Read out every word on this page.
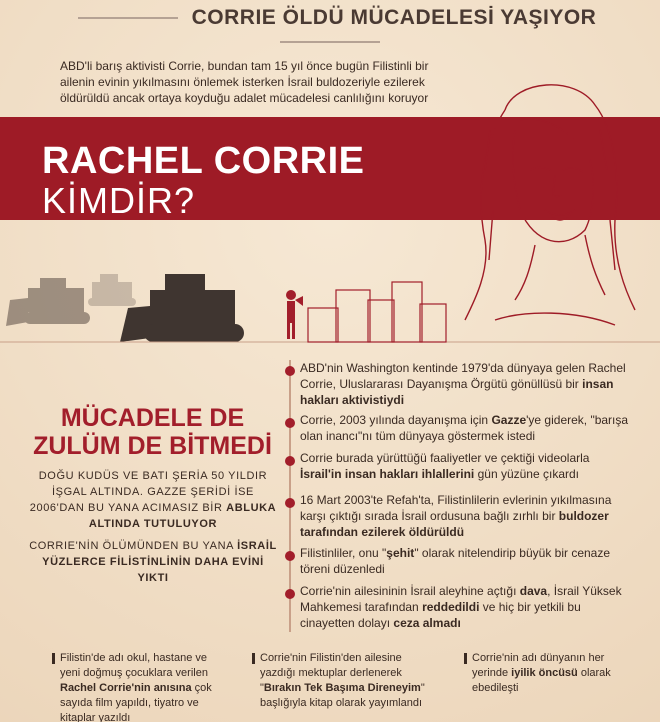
CORRIE ÖLDÜ MÜCADELESİ YAŞIYOR
ABD'li barış aktivisti Corrie, bundan tam 15 yıl önce bugün Filistinli bir ailenin evinin yıkılmasını önlemek isterken İsrail buldozeriyle ezilerek öldürüldü ancak ortaya koyduğu adalet mücadelesi canlılığını koruyor
RACHEL CORRIE
KİMDİR?
ABD'nin Washington kentinde 1979'da dünyaya gelen Rachel Corrie, Uluslararası Dayanışma Örgütü gönüllüsü bir insan hakları aktivistiydi
Corrie, 2003 yılında dayanışma için Gazze'ye giderek, "barışa olan inancı"nı tüm dünyaya göstermek istedi
Corrie burada yürüttüğü faaliyetler ve çektiği videolarla İsrail'in insan hakları ihlallerini gün yüzüne çıkardı
16 Mart 2003'te Refah'ta, Filistinlilerin evlerinin yıkılmasına karşı çıktığı sırada İsrail ordusuna bağlı zırhlı bir buldozer tarafından ezilerek öldürüldü
Filistinliler, onu "şehit" olarak nitelendirip büyük bir cenaze töreni düzenledi
Corrie'nin ailesininin İsrail aleyhine açtığı dava, İsrail Yüksek Mahkemesi tarafından reddedildi ve hiç bir yetkili bu cinayetten dolayı ceza almadı
MÜCADELE DE
ZULÜM DE BİTMEDİ
DOĞU KUDÜS VE BATI ŞERİA 50 YILDIR İŞGAL ALTINDA. GAZZE ŞERİDİ İSE 2006'DAN BU YANA ACIMASIZ BİR ABLUKA ALTINDA TUTULUYOR
CORRIE'NİN ÖLÜMÜNDEN BU YANA İSRAİL YÜZLERCE FİLİSTİNLİNİN DAHA EVİNİ YIKTI
Filistin'de adı okul, hastane ve yeni doğmuş çocuklara verilen Rachel Corrie'nin anısına çok sayıda film yapıldı, tiyatro ve kitaplar yazıldı
Corrie'nin Filistin'den ailesine yazdığı mektuplar derlenerek "Bırakın Tek Başıma Direneyim" başlığıyla kitap olarak yayımlandı
Corrie'nin adı dünyanın her yerinde iyilik öncüsü olarak ebedileşti
